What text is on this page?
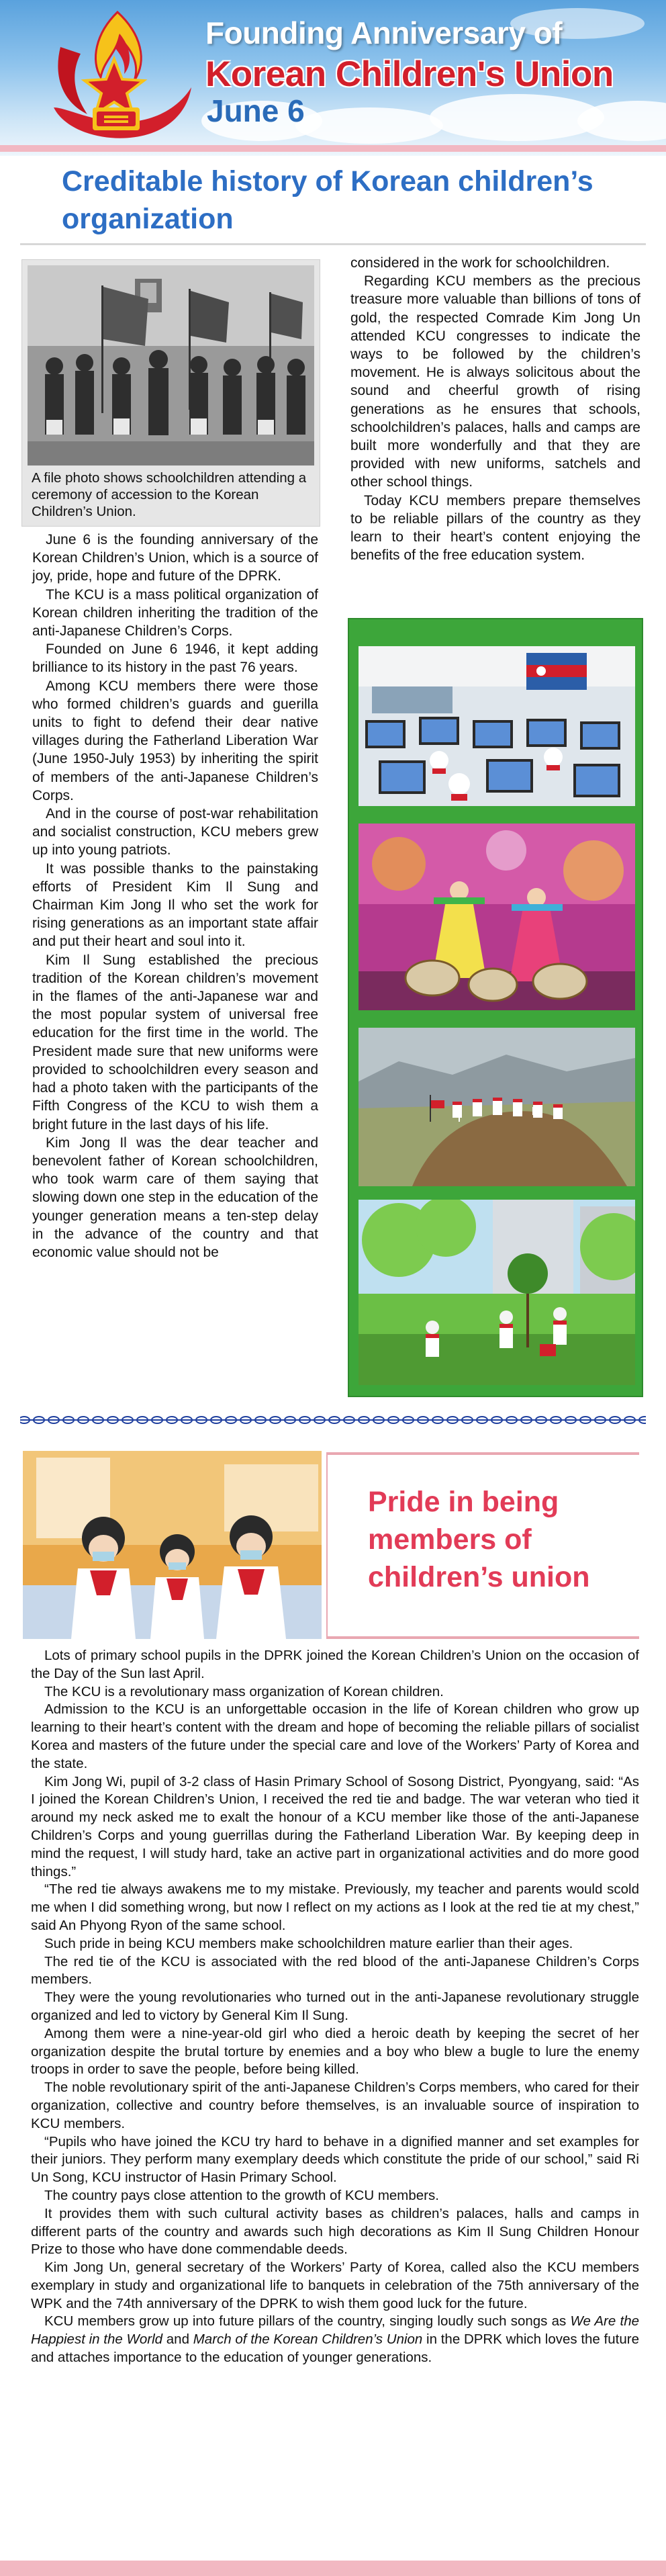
Founding Anniversary of
Korean Children's Union
June 6
Creditable history of Korean children’s organization
A file photo shows schoolchildren attending a ceremony of accession to the Korean Children’s Union.

June 6 is the founding anniversary of the Korean Children’s Union, which is a source of joy, pride, hope and future of the DPRK.

The KCU is a mass political organization of Korean children inheriting the tradition of the anti-Japanese Children’s Corps.

Founded on June 6 1946, it kept adding brilliance to its history in the past 76 years.

Among KCU members there were those who formed children’s guards and guerilla units to fight to defend their dear native villages during the Fatherland Liberation War (June 1950-July 1953) by inheriting the spirit of members of the anti-Japanese Children’s Corps.

And in the course of post-war rehabilitation and socialist construction, KCU mebers grew up into young patriots.

It was possible thanks to the painstaking efforts of President Kim Il Sung and Chairman Kim Jong Il who set the work for rising generations as an important state affair and put their heart and soul into it.

Kim Il Sung established the precious tradition of the Korean children’s movement in the flames of the anti-Japanese war and the most popular system of universal free education for the first time in the world. The President made sure that new uniforms were provided to schoolchildren every season and had a photo taken with the participants of the Fifth Congress of the KCU to wish them a bright future in the last days of his life.

Kim Jong Il was the dear teacher and benevolent father of Korean schoolchildren, who took warm care of them saying that slowing down one step in the education of the younger generation means a ten-step delay in the advance of the country and that economic value should not be

considered in the work for schoolchildren.

Regarding KCU members as the precious treasure more valuable than billions of tons of gold, the respected Comrade Kim Jong Un attended KCU congresses to indicate the ways to be followed by the children’s movement. He is always solicitous about the sound and cheerful growth of rising generations as he ensures that schools, schoolchildren’s palaces, halls and camps are built more wonderfully and that they are provided with new uniforms, satchels and other school things.

Today KCU members prepare themselves to be reliable pillars of the country as they learn to their heart’s content enjoying the benefits of the free education system.

Pride in being members of children’s union

Lots of primary school pupils in the DPRK joined the Korean Children’s Union on the occasion of the Day of the Sun last April.

The KCU is a revolutionary mass organization of Korean children.

Admission to the KCU is an unforgettable occasion in the life of Korean children who grow up learning to their heart’s content with the dream and hope of becoming the reliable pillars of socialist Korea and masters of the future under the special care and love of the Workers’ Party of Korea and the state.

Kim Jong Wi, pupil of 3-2 class of Hasin Primary School of Sosong District, Pyongyang, said: “As I joined the Korean Children’s Union, I received the red tie and badge. The war veteran who tied it around my neck asked me to exalt the honour of a KCU member like those of the anti-Japanese Children’s Corps and young guerrillas during the Fatherland Liberation War. By keeping deep in mind the request, I will study hard, take an active part in organizational activities and do more good things.”

“The red tie always awakens me to my mistake. Previously, my teacher and parents would scold me when I did something wrong, but now I reflect on my actions as I look at the red tie at my chest,” said An Phyong Ryon of the same school.

Such pride in being KCU members make schoolchildren mature earlier than their ages.

The red tie of the KCU is associated with the red blood of the anti-Japanese Children’s Corps members.

They were the young revolutionaries who turned out in the anti-Japanese revolutionary struggle organized and led to victory by General Kim Il Sung.

Among them were a nine-year-old girl who died a heroic death by keeping the secret of her organization despite the brutal torture by enemies and a boy who blew a bugle to lure the enemy troops in order to save the people, before being killed.

The noble revolutionary spirit of the anti-Japanese Children’s Corps members, who cared for their organization, collective and country before themselves, is an invaluable source of inspiration to KCU members.

“Pupils who have joined the KCU try hard to behave in a dignified manner and set examples for their juniors. They perform many exemplary deeds which constitute the pride of our school,” said Ri Un Song, KCU instructor of Hasin Primary School.

The country pays close attention to the growth of KCU members.

It provides them with such cultural activity bases as children’s palaces, halls and camps in different parts of the country and awards such high decorations as Kim Il Sung Children Honour Prize to those who have done commendable deeds.

Kim Jong Un, general secretary of the Workers’ Party of Korea, called also the KCU members exemplary in study and organizational life to banquets in celebration of the 75th anniversary of the WPK and the 74th anniversary of the DPRK to wish them good luck for the future.

KCU members grow up into future pillars of the country, singing loudly such songs as We Are the Happiest in the World and March of the Korean Children’s Union in the DPRK which loves the future and attaches importance to the education of younger generations.
